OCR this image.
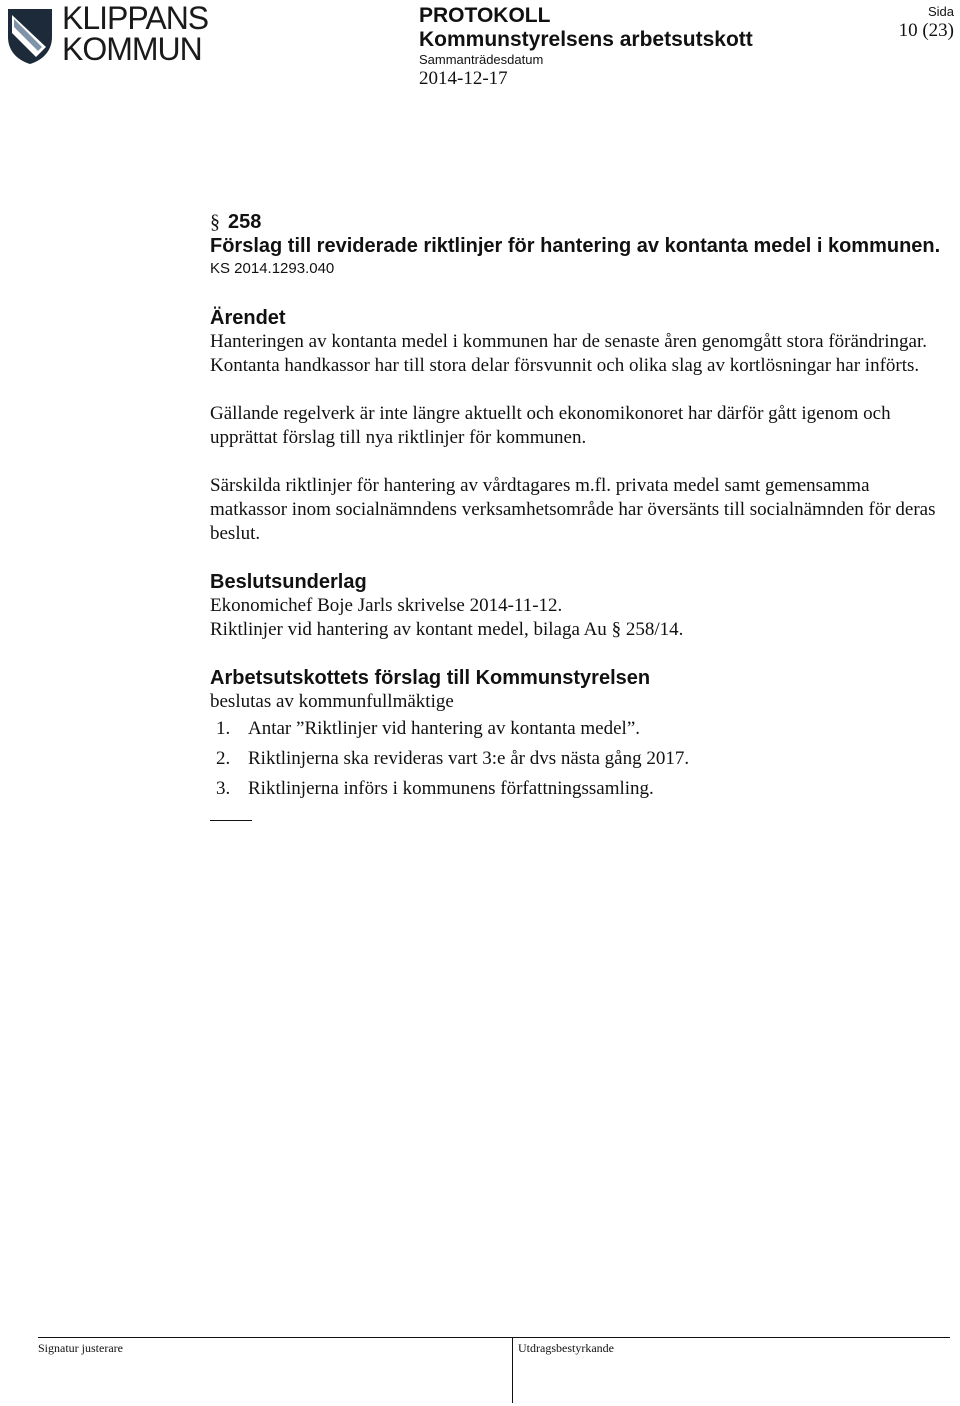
KLIPPANS
KOMMUN
PROTOKOLL
Kommunstyrelsens arbetsutskott
Sammanträdesdatum
2014-12-17
Sida
10 (23)
§ 258
Förslag till reviderade riktlinjer för hantering av kontanta medel i kommunen.
KS 2014.1293.040
Ärendet

Hanteringen av kontanta medel i kommunen har de senaste åren genomgått stora förändringar. Kontanta handkassor har till stora delar försvunnit och olika slag av kortlösningar har införts.

Gällande regelverk är inte längre aktuellt och ekonomikonoret har därför gått igenom och upprättat förslag till nya riktlinjer för kommunen.

Särskilda riktlinjer för hantering av vårdtagares m.fl. privata medel samt gemensamma matkassor inom socialnämndens verksamhetsområde har översänts till socialnämnden för deras beslut.

Beslutsunderlag

Ekonomichef Boje Jarls skrivelse 2014-11-12.

Riktlinjer vid hantering av kontant medel, bilaga Au § 258/14.

Arbetsutskottets förslag till Kommunstyrelsen

beslutas av kommunfullmäktige

1. Antar ”Riktlinjer vid hantering av kontanta medel”.
2. Riktlinjerna ska revideras vart 3:e år dvs nästa gång 2017.
3. Riktlinjerna införs i kommunens författningssamling.
Signatur justerare	Utdragsbestyrkande
